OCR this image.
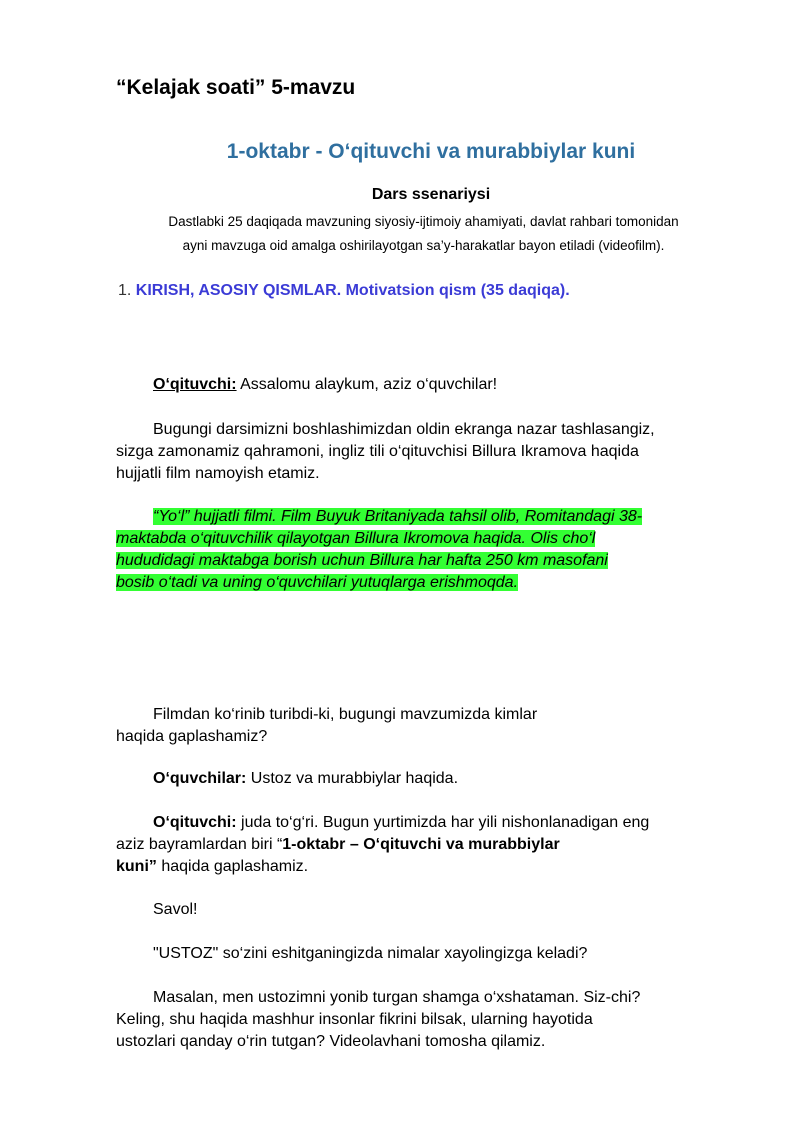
“Kelajak soati” 5-mavzu
1-oktabr - O‘qituvchi va murabbiylar kuni
Dars ssenariysi
Dastlabki 25 daqiqada mavzuning siyosiy-ijtimoiy ahamiyati, davlat rahbari tomonidan
ayni mavzuga oid amalga oshirilayotgan sa’y-harakatlar bayon etiladi (videofilm).
1. KIRISH, ASOSIY QISMLAR. Motivatsion qism (35 daqiqa).
O‘qituvchi: Assalomu alaykum, aziz o‘quvchilar!
Bugungi darsimizni boshlashimizdan oldin ekranga nazar tashlasangiz,
sizga zamonamiz qahramoni, ingliz tili o‘qituvchisi Billura Ikramova haqida
hujjatli film namoyish etamiz.
“Yo‘l” hujjatli filmi. Film Buyuk Britaniyada tahsil olib, Romitandagi 38-
maktabda o‘qituvchilik qilayotgan Billura Ikromova haqida. Olis cho‘l
hududidagi maktabga borish uchun Billura har hafta 250 km masofani
bosib o‘tadi va uning o‘quvchilari yutuqlarga erishmoqda.
Filmdan ko‘rinib turibdi-ki, bugungi mavzumizda kimlar
haqida gaplashamiz?
O‘quvchilar: Ustoz va murabbiylar haqida.
O‘qituvchi: juda to‘g‘ri. Bugun yurtimizda har yili nishonlanadigan eng
aziz bayramlardan biri “1-oktabr – O‘qituvchi va murabbiylar
kuni” haqida gaplashamiz.
Savol!
"USTOZ" so‘zini eshitganingizda nimalar xayolingizga keladi?
Masalan, men ustozimni yonib turgan shamga o‘xshataman. Siz-chi?
Keling, shu haqida mashhur insonlar fikrini bilsak, ularning hayotida
ustozlari qanday o‘rin tutgan? Videolavhani tomosha qilamiz.
